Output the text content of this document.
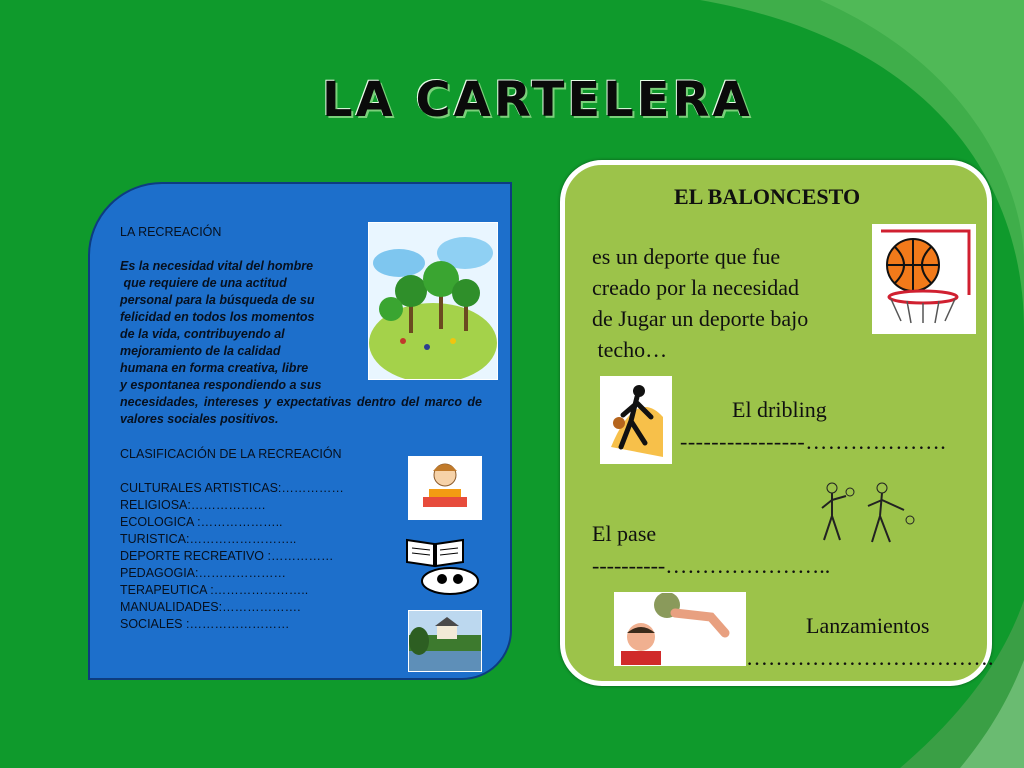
LA CARTELERA
LA RECREACIÓN
Es la necesidad vital del hombre
que requiere de una actitud
personal para la búsqueda de su
felicidad en todos los momentos
de la vida, contribuyendo al
mejoramiento de la calidad
humana en forma creativa, libre
y espontanea respondiendo a sus
necesidades, intereses y expectativas dentro del marco de valores sociales positivos.
CLASIFICACIÓN DE LA RECREACIÓN
CULTURALES ARTISTICAS:……………
RELIGIOSA:………………
ECOLOGICA :………………..
TURISTICA:……………………..
DEPORTE RECREATIVO :……………
PEDAGOGIA:…………………
TERAPEUTICA :…………………..
MANUALIDADES:……………….
SOCIALES :……………………
EL BALONCESTO
es un deporte que fue
creado por la necesidad
de Jugar un deporte bajo
techo…
El dribling
----------------……………….
El pase
----------…………………..
Lanzamientos
…………………………….
